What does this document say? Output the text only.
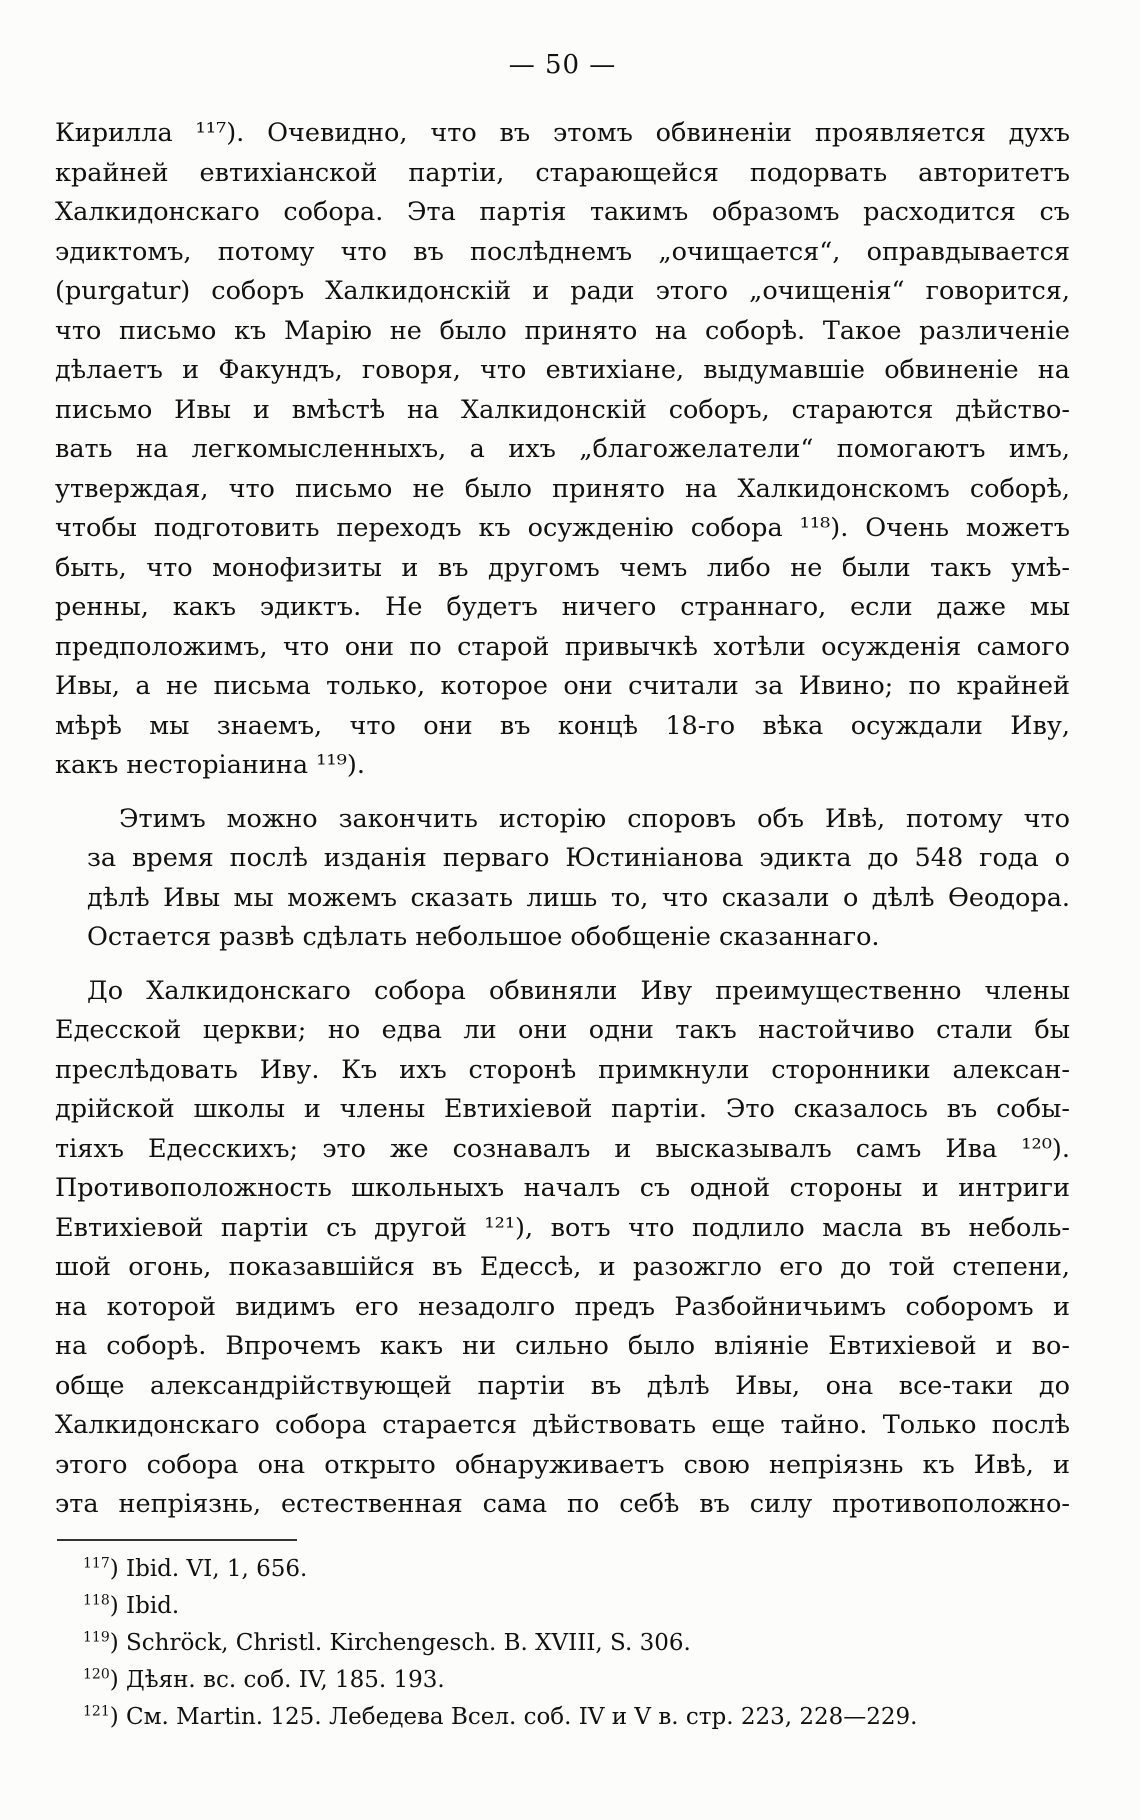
— 50 —
Кирилла ¹¹⁷). Очевидно, что въ этомъ обвиненіи проявляется духъ
крайней евтихіанской партіи, старающейся подорвать авторитетъ
Халкидонскаго собора. Эта партія такимъ образомъ расходится съ
эдиктомъ, потому что въ послѣднемъ „очищается“, оправдывается
(purgatur) соборъ Халкидонскій и ради этого „очищенія“ говорится,
что письмо къ Марію не было принято на соборѣ. Такое различеніе
дѣлаетъ и Факундъ, говоря, что евтихіане, выдумавшіе обвиненіе на
письмо Ивы и вмѣстѣ на Халкидонскій соборъ, стараются дѣйство-
вать на легкомысленныхъ, а ихъ „благожелатели“ помогаютъ имъ,
утверждая, что письмо не было принято на Халкидонскомъ соборѣ,
чтобы подготовить переходъ къ осужденію собора ¹¹⁸). Очень можетъ
быть, что монофизиты и въ другомъ чемъ либо не были такъ умѣ-
ренны, какъ эдиктъ. Не будетъ ничего страннаго, если даже мы
предположимъ, что они по старой привычкѣ хотѣли осужденія самого
Ивы, а не письма только, которое они считали за Ивино; по крайней
мѣрѣ мы знаемъ, что они въ концѣ 18-го вѣка осуждали Иву,
какъ несторіанина ¹¹⁹).
Этимъ можно закончить исторію споровъ объ Ивѣ, потому что
за время послѣ изданія перваго Юстиніанова эдикта до 548 года о
дѣлѣ Ивы мы можемъ сказать лишь то, что сказали о дѣлѣ Ѳеодора.
Остается развѣ сдѣлать небольшое обобщеніе сказаннаго.
До Халкидонскаго собора обвиняли Иву преимущественно члены
Едесской церкви; но едва ли они одни такъ настойчиво стали бы
преслѣдовать Иву. Къ ихъ сторонѣ примкнули сторонники алексан-
дрійской школы и члены Евтихіевой партіи. Это сказалось въ собы-
тіяхъ Едесскихъ; это же сознавалъ и высказывалъ самъ Ива ¹²⁰).
Противоположность школьныхъ началъ съ одной стороны и интриги
Евтихіевой партіи съ другой ¹²¹), вотъ что подлило масла въ неболь-
шой огонь, показавшійся въ Едессѣ, и разожгло его до той степени,
на которой видимъ его незадолго предъ Разбойничьимъ соборомъ и
на соборѣ. Впрочемъ какъ ни сильно было вліяніе Евтихіевой и во-
обще александрійствующей партіи въ дѣлѣ Ивы, она все-таки до
Халкидонскаго собора старается дѣйствовать еще тайно. Только послѣ
этого собора она открыто обнаруживаетъ свою непріязнь къ Ивѣ, и
эта непріязнь, естественная сама по себѣ въ силу противоположно-
$^{117}$) Ibid. VI, 1, 656.
$^{118}$) Ibid.
$^{119}$) Schröck, Christl. Kirchengesch. B. XVIII, S. 306.
$^{120}$) Дѣян. вс. соб. IV, 185. 193.
$^{121}$) См. Martin. 125. Лебедева Всел. соб. IV и V в. стр. 223, 228—229.
